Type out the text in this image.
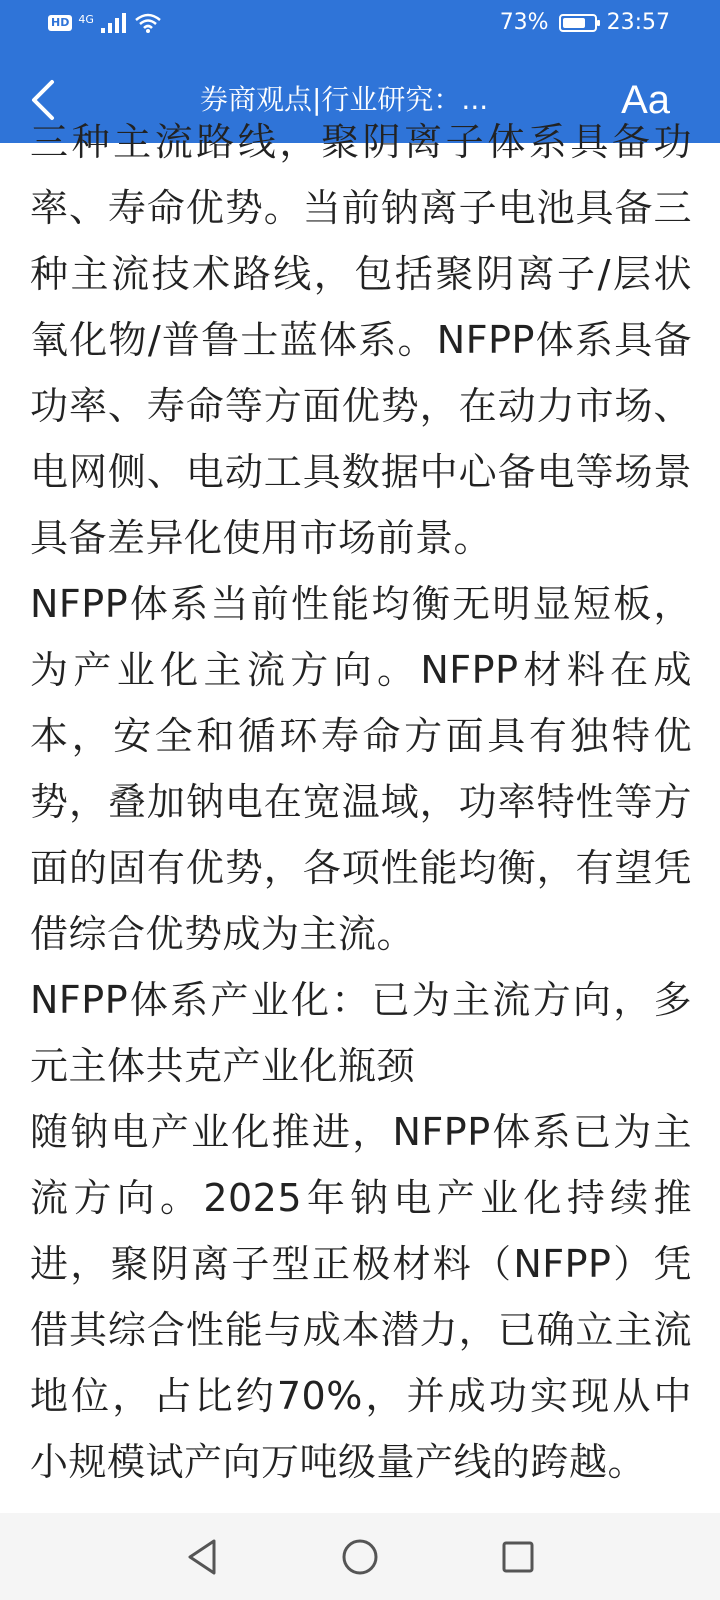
HD 4G	73%	23:57
券商观点|行业研究：...	Aa

三种主流路线，聚阴离子体系具备功率、寿命优势。当前钠离子电池具备三种主流技术路线，包括聚阴离子/层状氧化物/普鲁士蓝体系。NFPP体系具备功率、寿命等方面优势，在动力市场、电网侧、电动工具数据中心备电等场景具备差异化使用市场前景。

NFPP体系当前性能均衡无明显短板，为产业化主流方向。NFPP材料在成本，安全和循环寿命方面具有独特优势，叠加钠电在宽温域，功率特性等方面的固有优势，各项性能均衡，有望凭借综合优势成为主流。

NFPP体系产业化：已为主流方向，多元主体共克产业化瓶颈

随钠电产业化推进，NFPP体系已为主流方向。2025年钠电产业化持续推进，聚阴离子型正极材料（NFPP）凭借其综合性能与成本潜力，已确立主流地位，占比约70%，并成功实现从中小规模试产向万吨级量产线的跨越。
